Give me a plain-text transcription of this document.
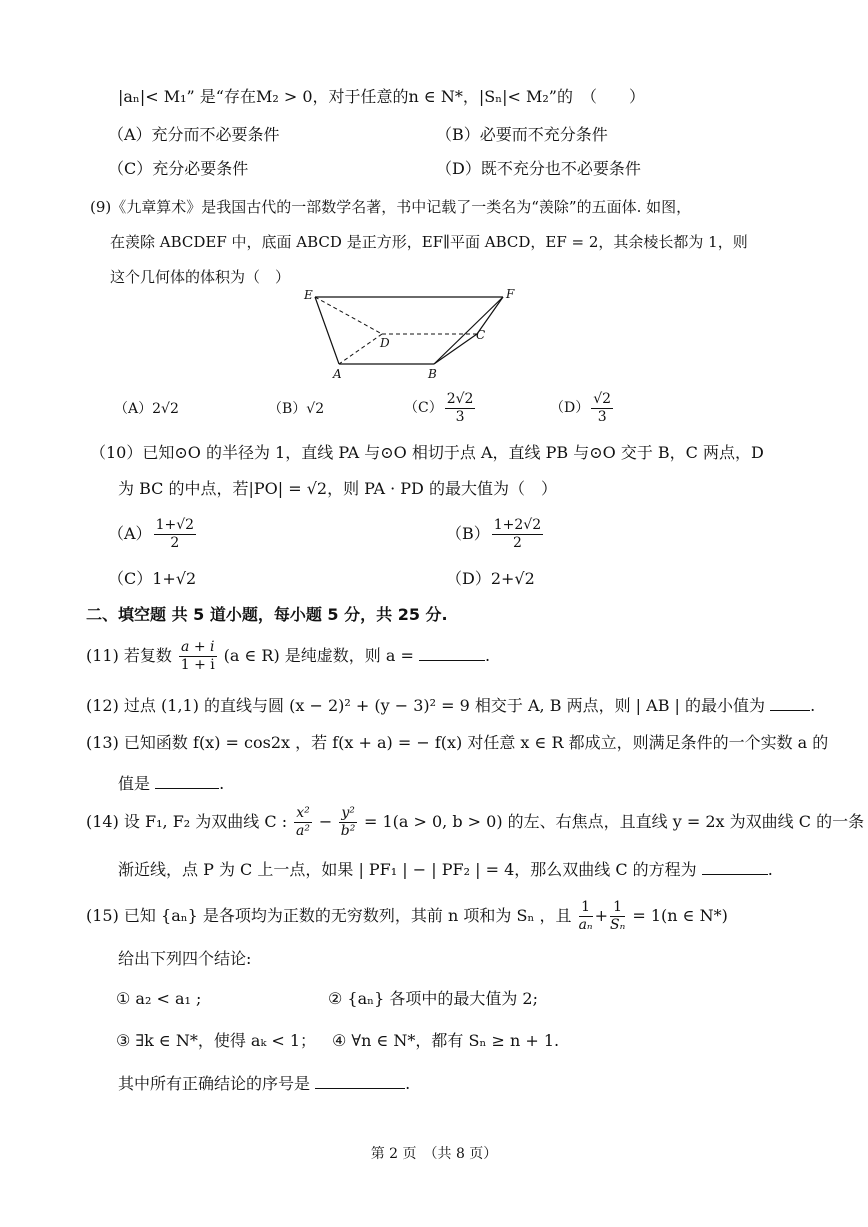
|aₙ|< M₁” 是“存在M₂ > 0，对于任意的n ∈ N*，|Sₙ|< M₂”的　（　　）
（A）充分而不必要条件	（B）必要而不充分条件
（C）充分必要条件	（D）既不充分也不必要条件
(9)《九章算术》是我国古代的一部数学名著，书中记载了一类名为“羡除”的五面体. 如图，
在羡除 ABCDEF 中，底面 ABCD 是正方形，EF∥平面 ABCD，EF = 2，其余棱长都为 1，则
这个几何体的体积为（　）
E	F
D
C
A	B
（A）2√2	（B）√2	$(C) \frac{2√2}{3}$	$(D) \frac{√2}{3}$
（10）已知⊙O 的半径为 1，直线 PA 与⊙O 相切于点 A，直线 PB 与⊙O 交于 B，C 两点，D
为 BC 的中点，若|PO| = √2，则 PA · PD 的最大值为（　）
$(A) \frac{1+√2}{2}$	$(B) \frac{1+2√2}{2}$
（C）1+√2	（D）2+√2
二、填空题 共 5 道小题，每小题 5 分，共 25 分.
(11) 若复数 $\frac{a + i}{1 + i} (a$ ∈ R) 是纯虚数，则 a =	.
(12) 过点 (1,1) 的直线与圆 (x − 2)² + (y − 3)² = 9 相交于 A, B 两点，则 | AB | 的最小值为	.
(13) 已知函数 f(x) = cos2x ，若 f(x + a) = − f(x) 对任意 x ∈ R 都成立，则满足条件的一个实数 a 的
值是	.
(14) 设 F₁, F₂ 为双曲线 C : $\frac{\text{x²}}{\text{a²}} - \frac{\text{y²}}{\text{b²}} = 1(a > 0$, b > 0) 的左、右焦点，且直线 y = 2x 为双曲线 C 的一条
渐近线，点 P 为 C 上一点，如果 | PF₁ | − | PF₂ | = 4，那么双曲线 C 的方程为	.
(15) 已知 {aₙ} 是各项均为正数的无穷数列，其前 n 项和为 Sₙ ，且 $\frac{1}{\text{aₙ}} + \frac{1}{\text{Sₙ}} = 1(n$ ∈ N*)
给出下列四个结论:
① a₂ < a₁ ;	② {aₙ} 各项中的最大值为 2;
③ ∃k ∈ N*，使得 aₖ < 1； ④ ∀n ∈ N*，都有 Sₙ ≥ n + 1.
其中所有正确结论的序号是	.
第 2 页　（共 8 页）
